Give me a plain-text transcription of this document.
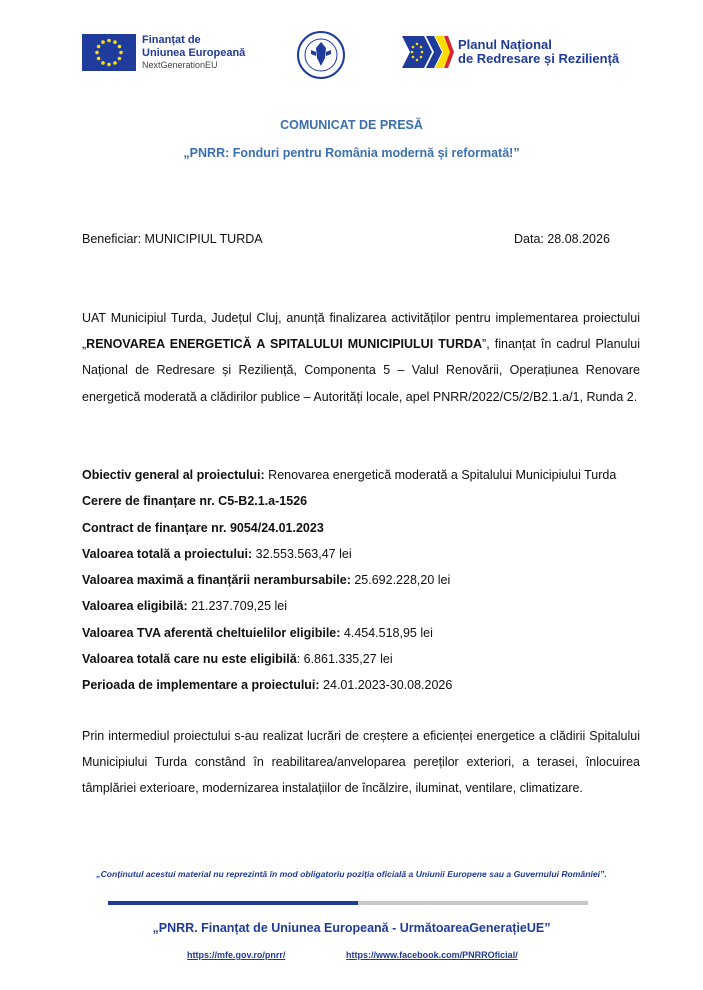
Finanțat de
Uniunea Europeană
NextGenerationEU
Planul Național
de Redresare și Reziliență
COMUNICAT DE PRESĂ
„PNRR: Fonduri pentru România modernă și reformată!”
Beneficiar: MUNICIPIUL TURDA	Data: 28.08.2026
UAT Municipiul Turda, Județul Cluj, anunță finalizarea activităților pentru implementarea proiectului „RENOVAREA ENERGETICĂ A SPITALULUI MUNICIPIULUI TURDA”, finanțat în cadrul Planului Național de Redresare și Reziliență, Componenta 5 – Valul Renovării, Operațiunea Renovare energetică moderată a clădirilor publice – Autorități locale, apel PNRR/2022/C5/2/B2.1.a/1, Runda 2.
Obiectiv general al proiectului: Renovarea energetică moderată a Spitalului Municipiului Turda
Cerere de finanțare nr. C5-B2.1.a-1526
Contract de finanțare nr. 9054/24.01.2023
Valoarea totală a proiectului: 32.553.563,47 lei
Valoarea maximă a finanțării nerambursabile: 25.692.228,20 lei
Valoarea eligibilă: 21.237.709,25 lei
Valoarea TVA aferentă cheltuielilor eligibile: 4.454.518,95 lei
Valoarea totală care nu este eligibilă: 6.861.335,27 lei
Perioada de implementare a proiectului: 24.01.2023-30.08.2026
Prin intermediul proiectului s-au realizat lucrări de creștere a eficienței energetice a clădirii Spitalului Municipiului Turda constând în reabilitarea/anveloparea pereților exteriori, a terasei, înlocuirea tâmplăriei exterioare, modernizarea instalațiilor de încălzire, iluminat, ventilare, climatizare.
„Conținutul acestui material nu reprezintă în mod obligatoriu poziția oficială a Uniunii Europene sau a Guvernului României”.
„PNRR. Finanțat de Uniunea Europeană - UrmătoareaGenerațieUE”
https://mfe.gov.ro/pnrr/	https://www.facebook.com/PNRROficial/
